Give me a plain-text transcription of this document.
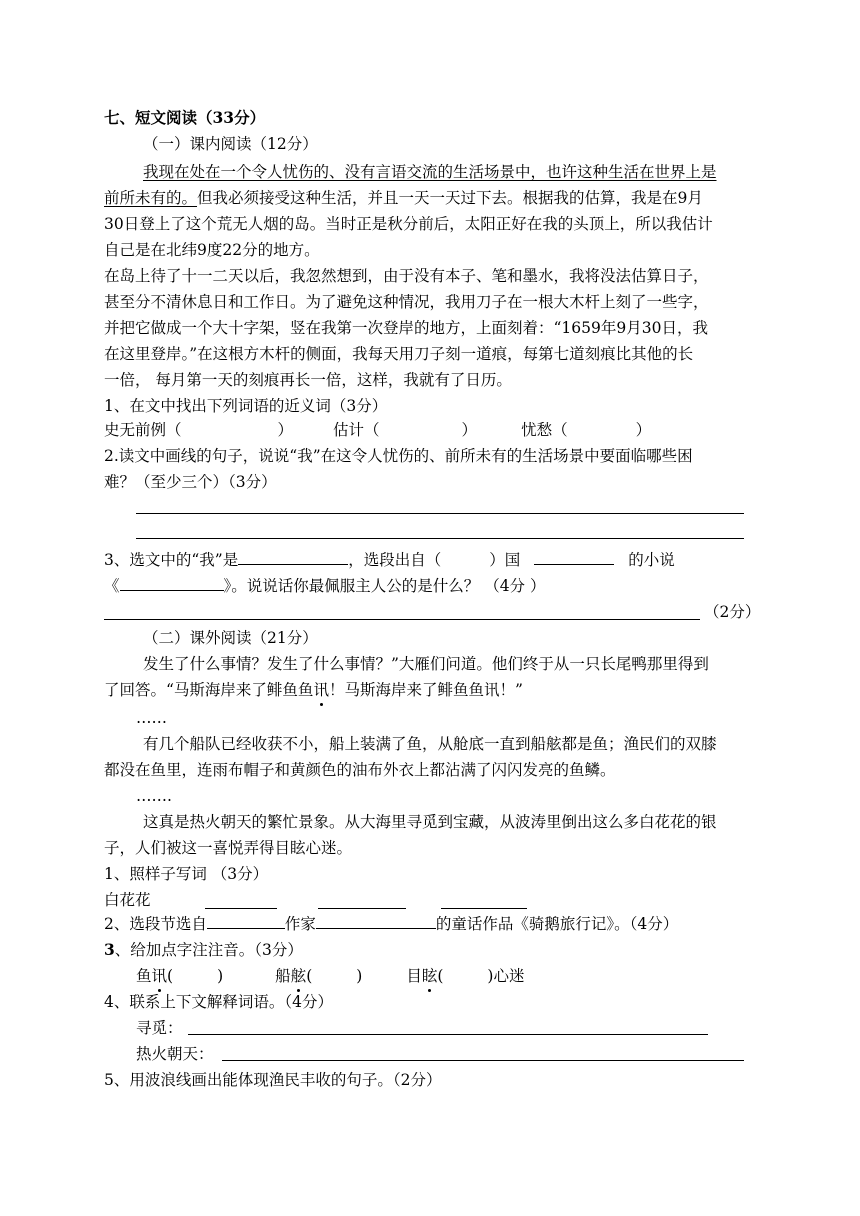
七、短文阅读（33分）
（一）课内阅读（12分）
我现在处在一个令人忧伤的、没有言语交流的生活场景中，也许这种生活在世界上是
前所未有的。但我必须接受这种生活，并且一天一天过下去。根据我的估算，我是在9月
30日登上了这个荒无人烟的岛。当时正是秋分前后，太阳正好在我的头顶上，所以我估计
自己是在北纬9度22分的地方。
在岛上待了十一二天以后，我忽然想到，由于没有本子、笔和墨水，我将没法估算日子，
甚至分不清休息日和工作日。为了避免这种情况，我用刀子在一根大木杆上刻了一些字，
并把它做成一个大十字架，竖在我第一次登岸的地方，上面刻着：“1659年9月30日，我
在这里登岸。”在这根方木杆的侧面，我每天用刀子刻一道痕，每第七道刻痕比其他的长
一倍， 每月第一天的刻痕再长一倍，这样，我就有了日历。
1、在文中找出下列词语的近义词（3分）
史无前例（	）	估计（	）	忧愁（	）
2.读文中画线的句子，说说“我”在这令人忧伤的、前所未有的生活场景中要面临哪些困
难？（至少三个）（3分）
3、选文中的“我”是	，选段出自（	）国	的小说
《	》。说说话你最佩服主人公的是什么？ （4分 ）
（2分）
（二）课外阅读（21分）
发生了什么事情？发生了什么事情？”大雁们问道。他们终于从一只长尾鸭那里得到
了回答。“马斯海岸来了鲱鱼鱼讯！马斯海岸来了鲱鱼鱼讯！”
……
有几个船队已经收获不小，船上装满了鱼，从舱底一直到船舷都是鱼；渔民们的双膝
都没在鱼里，连雨布帽子和黄颜色的油布外衣上都沾满了闪闪发亮的鱼鳞。
…….
这真是热火朝天的繁忙景象。从大海里寻觅到宝藏，从波涛里倒出这么多白花花的银
子，人们被这一喜悦弄得目眩心迷。
1、照样子写词 （3分）
白花花
2、选段节选自	作家	的童话作品《骑鹅旅行记》。（4分）
3、给加点字注注音。（3分）
鱼讯(	)	船舷(	)	目眩(	)心迷
4、联系上下文解释词语。（4分）
寻觅：
热火朝天：
5、用波浪线画出能体现渔民丰收的句子。（2分）
